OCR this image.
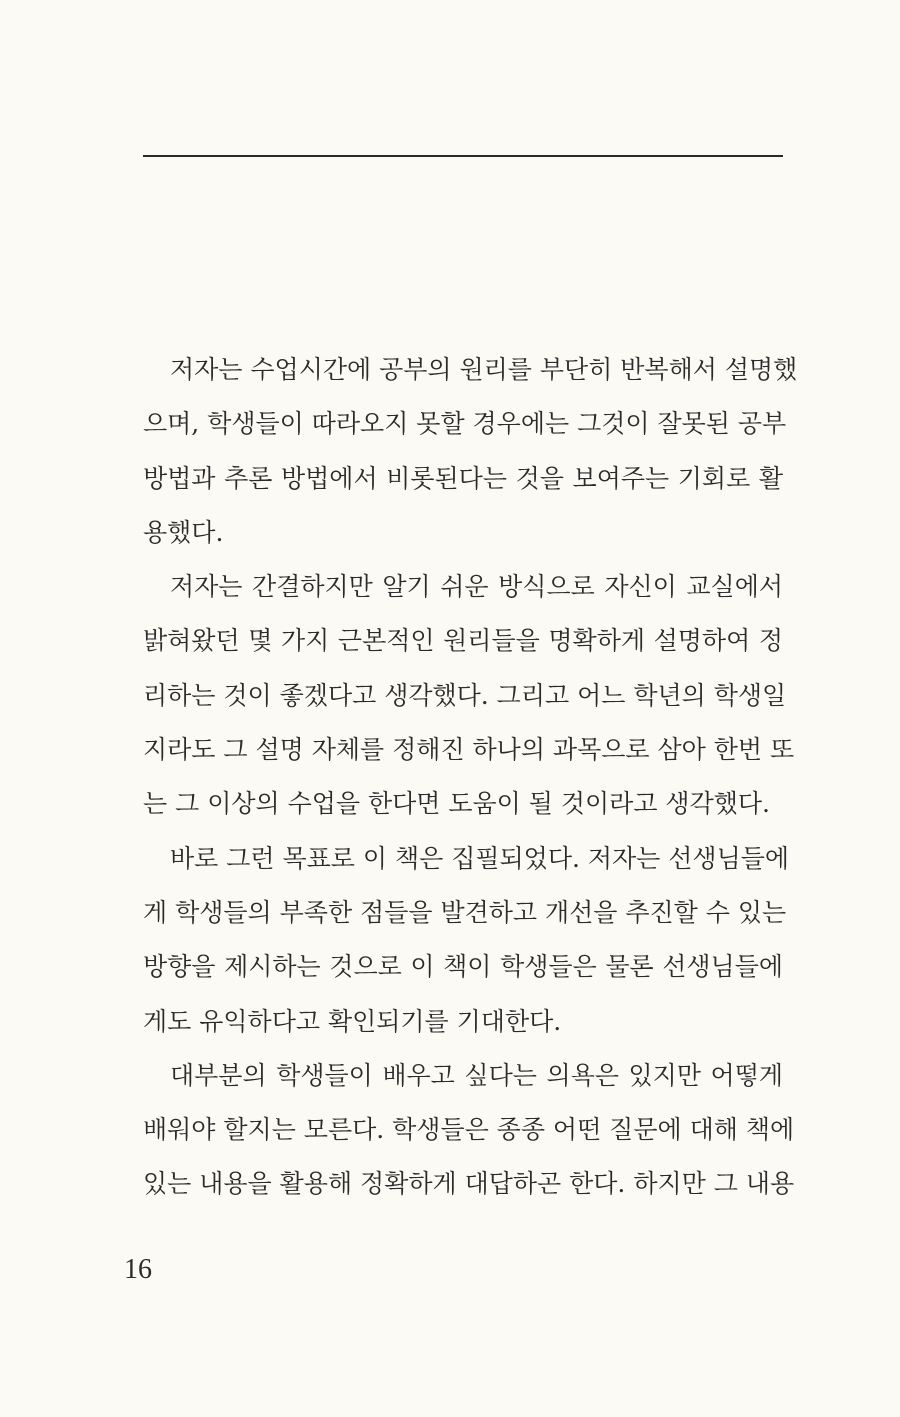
저자는 수업시간에 공부의 원리를 부단히 반복해서 설명했
으며, 학생들이 따라오지 못할 경우에는 그것이 잘못된 공부
방법과 추론 방법에서 비롯된다는 것을 보여주는 기회로 활
용했다.
저자는 간결하지만 알기 쉬운 방식으로 자신이 교실에서
밝혀왔던 몇 가지 근본적인 원리들을 명확하게 설명하여 정
리하는 것이 좋겠다고 생각했다. 그리고 어느 학년의 학생일
지라도 그 설명 자체를 정해진 하나의 과목으로 삼아 한번 또
는 그 이상의 수업을 한다면 도움이 될 것이라고 생각했다.
바로 그런 목표로 이 책은 집필되었다. 저자는 선생님들에
게 학생들의 부족한 점들을 발견하고 개선을 추진할 수 있는
방향을 제시하는 것으로 이 책이 학생들은 물론 선생님들에
게도 유익하다고 확인되기를 기대한다.
대부분의 학생들이 배우고 싶다는 의욕은 있지만 어떻게
배워야 할지는 모른다. 학생들은 종종 어떤 질문에 대해 책에
있는 내용을 활용해 정확하게 대답하곤 한다. 하지만 그 내용
16
